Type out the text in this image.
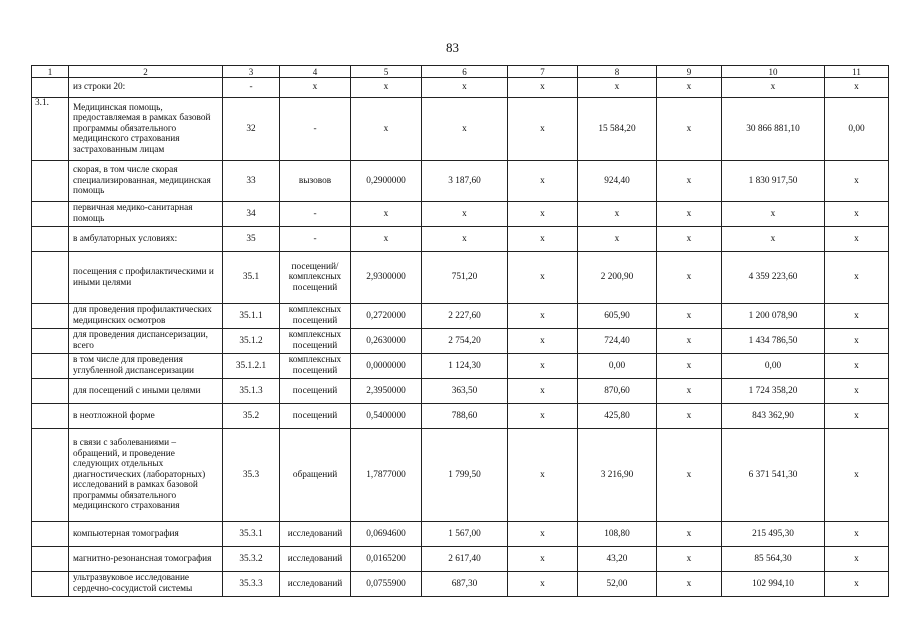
83
1	2	3	4	5	6	7	8	9	10	11
	из строки 20:	-	х	х	х	х	х	х	х	х
3.1.	Медицинская помощь, предоставляемая в рамках базовой программы обязательного медицинского страхования застрахованным лицам	32	-	х	х	х	15 584,20	х	30 866 881,10	0,00
	скорая, в том числе скорая специализированная, медицинская помощь	33	вызовов	0,2900000	3 187,60	х	924,40	х	1 830 917,50	х
	первичная медико-санитарная помощь	34	-	х	х	х	х	х	х	х
	в амбулаторных условиях:	35	-	х	х	х	х	х	х	х
	посещения с профилактическими и иными целями	35.1	посещений/комплексных посещений	2,9300000	751,20	х	2 200,90	х	4 359 223,60	х
	для проведения профилактических медицинских осмотров	35.1.1	комплексных посещений	0,2720000	2 227,60	х	605,90	х	1 200 078,90	х
	для проведения диспансеризации, всего	35.1.2	комплексных посещений	0,2630000	2 754,20	х	724,40	х	1 434 786,50	х
	в том числе для проведения углубленной диспансеризации	35.1.2.1	комплексных посещений	0,0000000	1 124,30	х	0,00	х	0,00	х
	для посещений с иными целями	35.1.3	посещений	2,3950000	363,50	х	870,60	х	1 724 358,20	х
	в неотложной форме	35.2	посещений	0,5400000	788,60	х	425,80	х	843 362,90	х
	в связи с заболеваниями – обращений, и проведение следующих отдельных диагностических (лабораторных) исследований в рамках базовой программы обязательного медицинского страхования	35.3	обращений	1,7877000	1 799,50	х	3 216,90	х	6 371 541,30	х
	компьютерная томография	35.3.1	исследований	0,0694600	1 567,00	х	108,80	х	215 495,30	х
	магнитно-резонансная томография	35.3.2	исследований	0,0165200	2 617,40	х	43,20	х	85 564,30	х
	ультразвуковое исследование сердечно-сосудистой системы	35.3.3	исследований	0,0755900	687,30	х	52,00	х	102 994,10	х
